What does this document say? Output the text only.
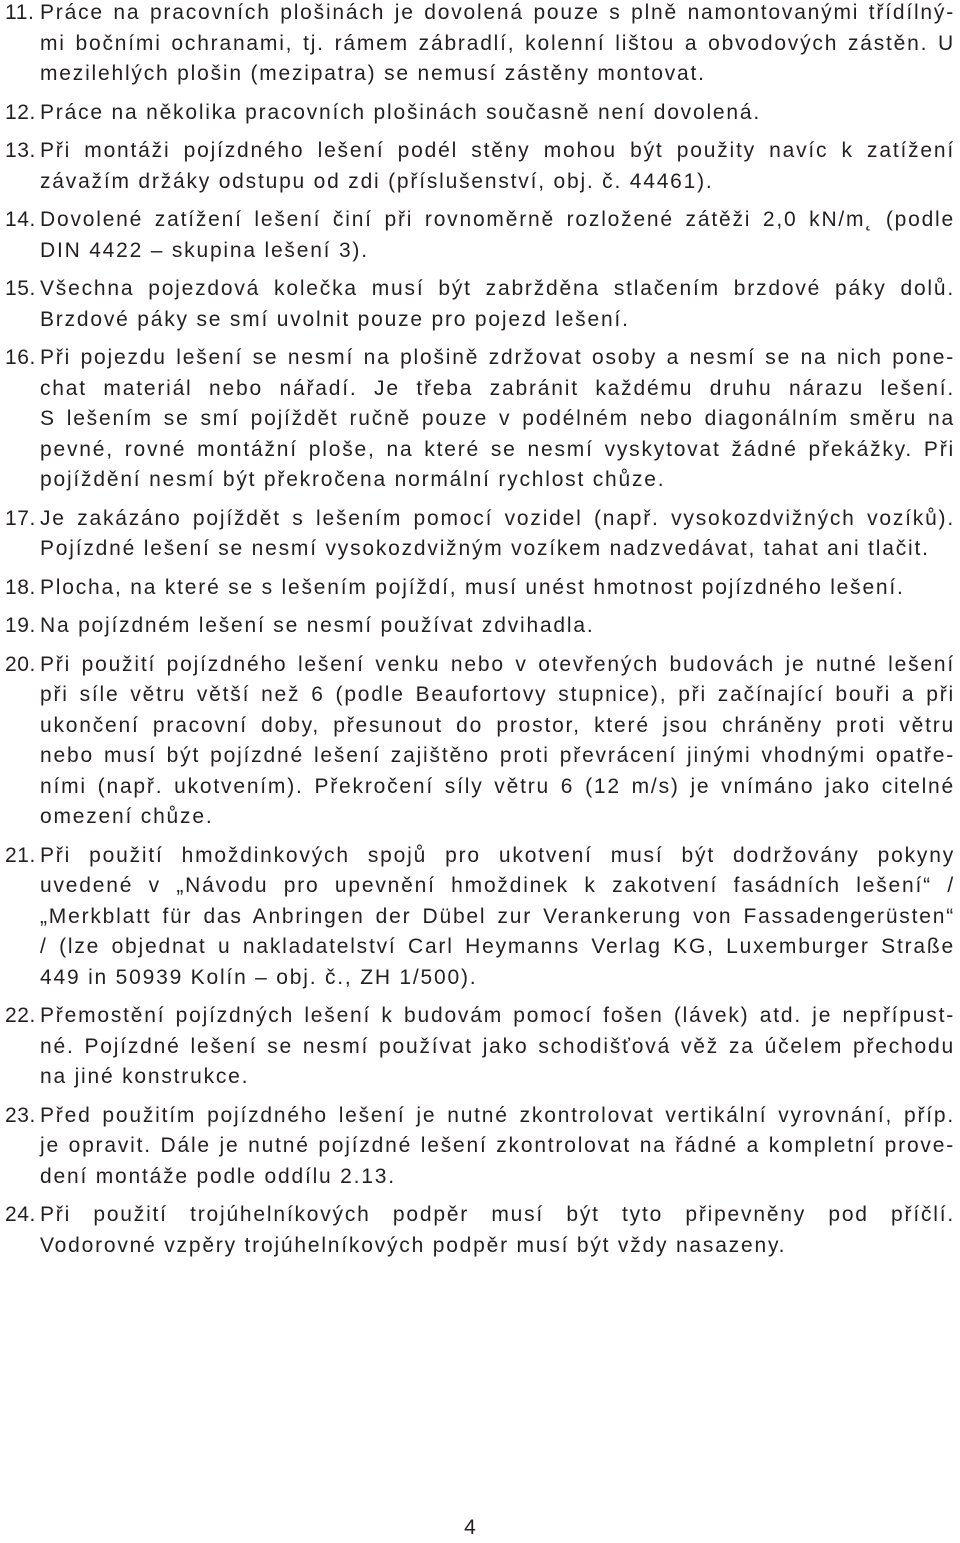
11. Práce na pracovních plošinách je dovolená pouze s plně namontovanými třídílný-
mi bočními ochranami, tj. rámem zábradlí, kolenní lištou a obvodových zástěn. U
mezilehlých plošin (mezipatra) se nemusí zástěny montovat.
12. Práce na několika pracovních plošinách současně není dovolená.
13. Při montáži pojízdného lešení podél stěny mohou být použity navíc k zatížení
závažím držáky odstupu od zdi (příslušenství, obj. č. 44461).
14. Dovolené zatížení lešení činí při rovnoměrně rozložené zátěži 2,0 kN/m˛ (podle
DIN 4422 – skupina lešení 3).
15. Všechna pojezdová kolečka musí být zabržděna stlačením brzdové páky dolů.
Brzdové páky se smí uvolnit pouze pro pojezd lešení.
16. Při pojezdu lešení se nesmí na plošině zdržovat osoby a nesmí se na nich pone-
chat materiál nebo nářadí. Je třeba zabránit každému druhu nárazu lešení.
S lešením se smí pojíždět ručně pouze v podélném nebo diagonálním směru na
pevné, rovné montážní ploše, na které se nesmí vyskytovat žádné překážky. Při
pojíždění nesmí být překročena normální rychlost chůze.
17. Je zakázáno pojíždět s lešením pomocí vozidel (např. vysokozdvižných vozíků).
Pojízdné lešení se nesmí vysokozdvižným vozíkem nadzvedávat, tahat ani tlačit.
18. Plocha, na které se s lešením pojíždí, musí unést hmotnost pojízdného lešení.
19. Na pojízdném lešení se nesmí používat zdvihadla.
20. Při použití pojízdného lešení venku nebo v otevřených budovách je nutné lešení
při síle větru větší než 6 (podle Beaufortovy stupnice), při začínající bouři a při
ukončení pracovní doby, přesunout do prostor, které jsou chráněny proti větru
nebo musí být pojízdné lešení zajištěno proti převrácení jinými vhodnými opatře-
ními (např. ukotvením). Překročení síly větru 6 (12 m/s) je vnímáno jako citelné
omezení chůze.
21. Při použití hmoždinkových spojů pro ukotvení musí být dodržovány pokyny
uvedené v „Návodu pro upevnění hmoždinek k zakotvení fasádních lešení“ /
„Merkblatt für das Anbringen der Dübel zur Verankerung von Fassadengerüsten“
/ (lze objednat u nakladatelství Carl Heymanns Verlag KG, Luxemburger Straße
449 in 50939 Kolín – obj. č., ZH 1/500).
22. Přemostění pojízdných lešení k budovám pomocí fošen (lávek) atd. je nepřípust-
né. Pojízdné lešení se nesmí používat jako schodišťová věž za účelem přechodu
na jiné konstrukce.
23. Před použitím pojízdného lešení je nutné zkontrolovat vertikální vyrovnání, příp.
je opravit. Dále je nutné pojízdné lešení zkontrolovat na řádné a kompletní prove-
dení montáže podle oddílu 2.13.
24. Při použití trojúhelníkových podpěr musí být tyto připevněny pod příčlí.
Vodorovné vzpěry trojúhelníkových podpěr musí být vždy nasazeny.
4
